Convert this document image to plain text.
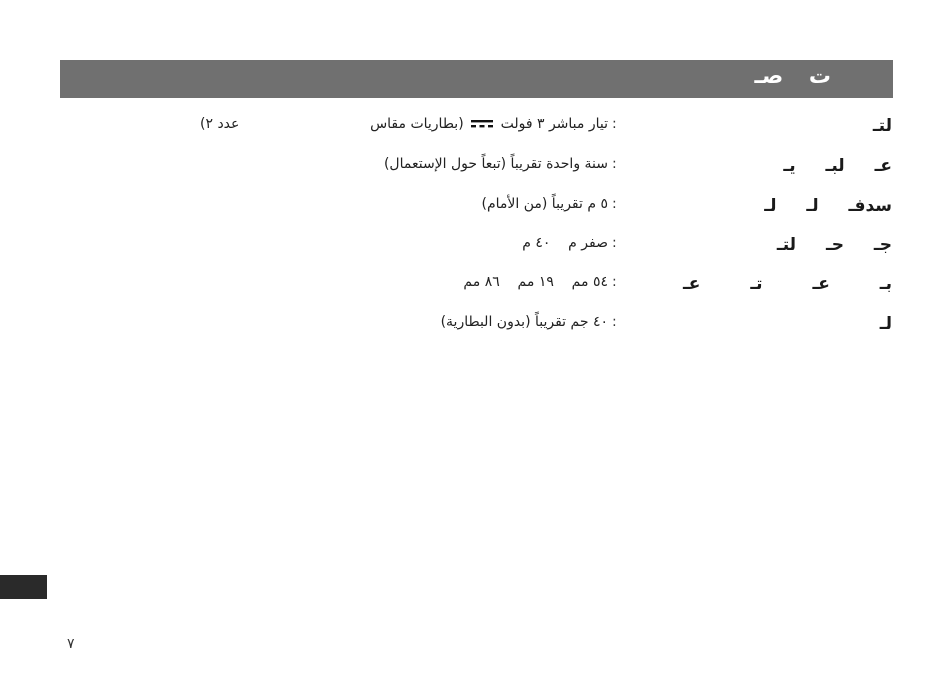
ت صـ
لتـ
:
تيار مباشر ٣ فولت  (بطاريات مقاس
عدد ٢)
عـ لبـ يـ
:
سنة واحدة تقريباً (تبعاً حول الإستعمال)
سدفـ لـ لـ
:
٥ م تقريباً (من الأمام)
جـ حـ لتـ
:
صفر م    ٤٠ م
بـ عـ تـ عـ
:
٥٤ مم    ١٩ مم    ٨٦ مم
لـ
:
٤٠ جم تقريباً (بدون البطارية)
٧
